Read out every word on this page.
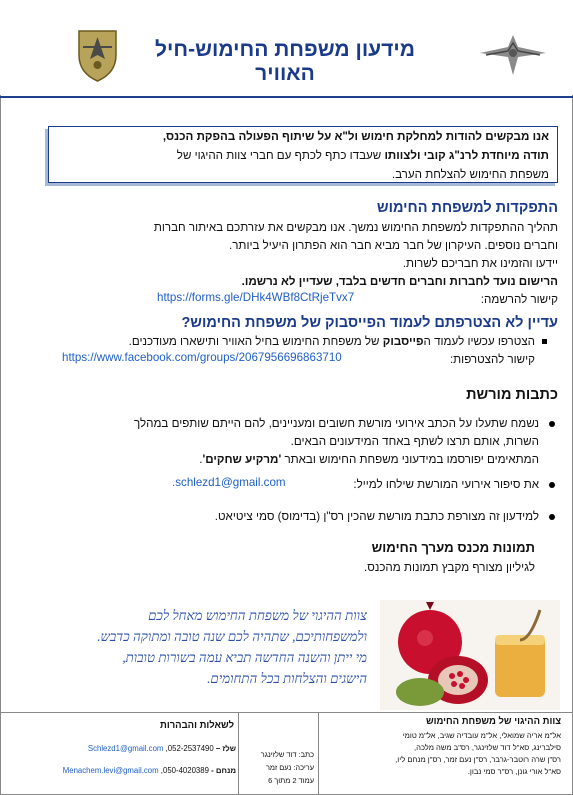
מידעון משפחת החימוש-חיל האוויר

אנו מבקשים להודות למחלקת חימוש ול"א על שיתוף הפעולה בהפקת הכנס,

תודה מיוחדת לרנ"ג קובי ולצוותו שעבדו כתף לכתף עם חברי צוות ההיגוי של

משפחת החימוש להצלחת הערב.

התפקדות למשפחת החימוש
תהליך ההתפקדות למשפחת החימוש נמשך. אנו מבקשים את עזרתכם באיתור חברות
וחברים נוספים. העיקרון של חבר מביא חבר הוא הפתרון היעיל ביותר.
יידעו והזמינו את חבריכם לשרות.
הרישום נועד לחברות וחברים חדשים בלבד, שעדיין לא נרשמו.
קישור להרשמה:
https://forms.gle/DHk4WBf8CtRjeTvx7
עדיין לא הצטרפתם לעמוד הפייסבוק של משפחת החימוש?
הצטרפו עכשיו לעמוד הפייסבוק של משפחת החימוש בחיל האוויר ותישארו מעודכנים.
קישור להצטרפות:
https://www.facebook.com/groups/2067956696863710
כתבות מורשת
נשמח שתעלו על הכתב אירועי מורשת חשובים ומעניינים, להם הייתם שותפים במהלך
השרות, אותם תרצו לשתף באחד המידעונים הבאים.
המתאימים יפורסמו במידעוני משפחת החימוש ובאתר 'מרקיע שחקים'.
את סיפור אירועי המורשת שילחו למייל:
.schlezd1@gmail.com
למידעון זה מצורפת כתבת מורשת שהכין רס"ן (בדימוס) סמי ציטיאט.
תמונות מכנס מערך החימוש
לגיליון מצורף מקבץ תמונות מהכנס.
צוות ההיגוי של משפחת החימוש מאחל לכם
ולמשפחותיכם, שתהיה לכם שנה טובה ומתוקה כדבש.
מי ייתן והשנה החדשה תביא עמה בשורות טובות,
הישגים והצלחות בכל התחומים.
צוות ההיגוי של משפחת החימוש
אל"מ אריה שמואלי, אל"מ עובדיה שגיב, אל"מ טומי
סילברינג, סא"ל דוד שלזינגר, רס"ב משה מלכה,
רס"ן שרה רוטבר-גרבר, רס"ן נעם זמר, רס"ן מנחם ליו,
סא"ל אורי גונן, רס"ר סמי נבון.
כתב: דוד שלזינגר
עריכה: נעם זמר
עמוד 2 מתוך 6
לשאלות והבהרות
שלז – 052-2537490, Schlezd1@gmail.com
מנחם - 050-4020389, Menachem.levi@gmail.com
